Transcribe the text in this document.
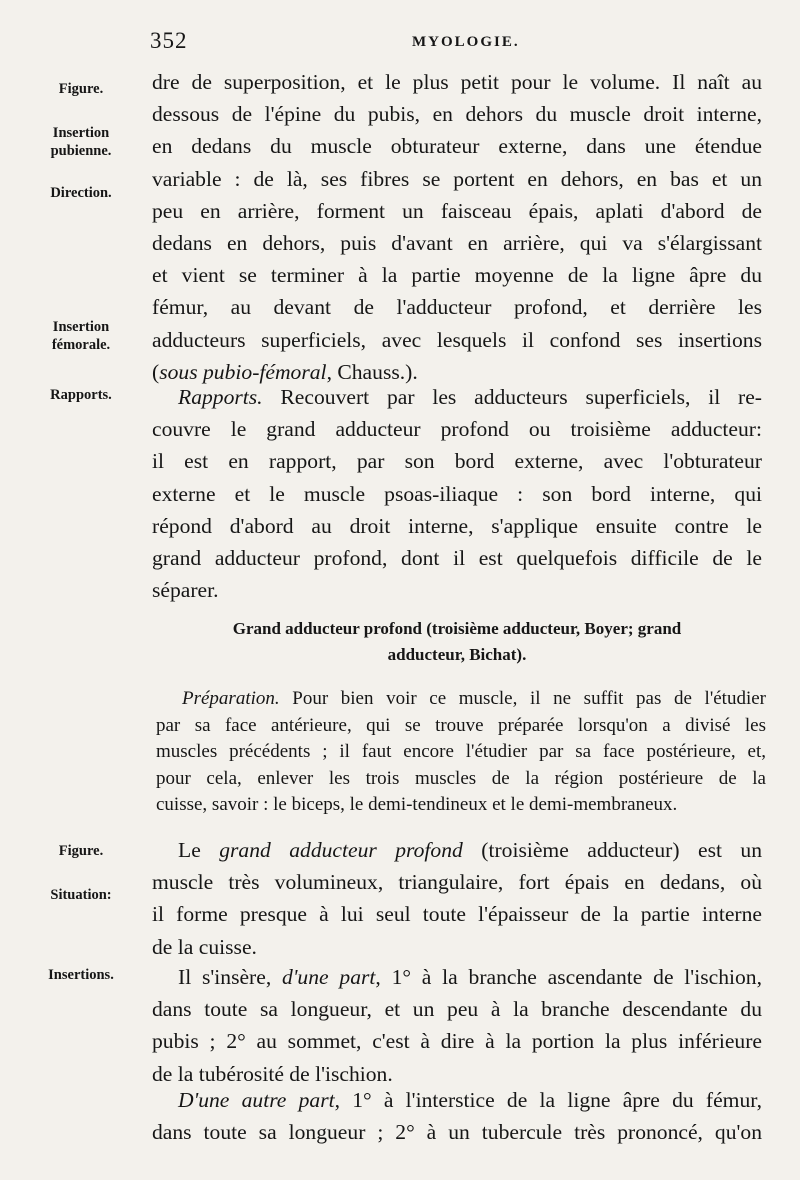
352	MYOLOGIE.
Figure.
Insertion
pubienne.
Direction.
Insertion
fémorale.
Rapports.
Figure.
Situation:
Insertions.
dre de superposition, et le plus petit pour le volume. Il naît au
dessous de l'épine du pubis, en dehors du muscle droit interne,
en dedans du muscle obturateur externe, dans une étendue
variable : de là, ses fibres se portent en dehors, en bas et un
peu en arrière, forment un faisceau épais, aplati d'abord de
dedans en dehors, puis d'avant en arrière, qui va s'élargissant
et vient se terminer à la partie moyenne de la ligne âpre du
fémur, au devant de l'adducteur profond, et derrière les
adducteurs superficiels, avec lesquels il confond ses insertions
(sous pubio-fémoral, Chauss.).
Rapports. Recouvert par les adducteurs superficiels, il re-
couvre le grand adducteur profond ou troisième adducteur:
il est en rapport, par son bord externe, avec l'obturateur
externe et le muscle psoas-iliaque : son bord interne, qui
répond d'abord au droit interne, s'applique ensuite contre le
grand adducteur profond, dont il est quelquefois difficile de le
séparer.
Grand adducteur profond (troisième adducteur, Boyer; grand
adducteur, Bichat).
Préparation. Pour bien voir ce muscle, il ne suffit pas de l'étudier
par sa face antérieure, qui se trouve préparée lorsqu'on a divisé les
muscles précédents ; il faut encore l'étudier par sa face postérieure, et,
pour cela, enlever les trois muscles de la région postérieure de la
cuisse, savoir : le biceps, le demi-tendineux et le demi-membraneux.
Le grand adducteur profond (troisième adducteur) est un
muscle très volumineux, triangulaire, fort épais en dedans, où
il forme presque à lui seul toute l'épaisseur de la partie interne
de la cuisse.
Il s'insère, d'une part, 1° à la branche ascendante de l'ischion,
dans toute sa longueur, et un peu à la branche descendante du
pubis ; 2° au sommet, c'est à dire à la portion la plus inférieure
de la tubérosité de l'ischion.
D'une autre part, 1° à l'interstice de la ligne âpre du fémur,
dans toute sa longueur ; 2° à un tubercule très prononcé, qu'on
